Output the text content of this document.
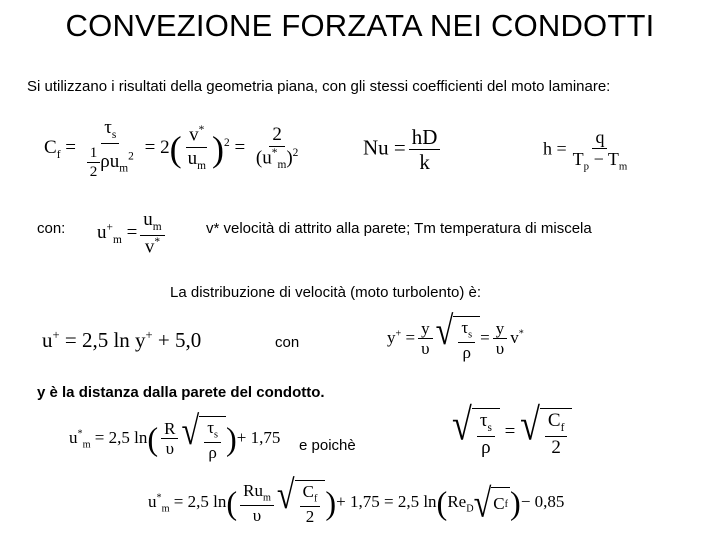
CONVEZIONE FORZATA NEI CONDOTTI
Si utilizzano i risultati della geometria piana, con gli stessi coefficienti del moto laminare:
$C_f = \frac{\tau_s}{\frac{1}{2} \rho u_m^2} = 2( \frac{v^*}{u_m} )^2 = \frac{2}{(u^*_m)^2}$	$Nu = \frac{hD}{k}$	$h = \frac{q}{T_p - T_m}$
con: $u^+_m = \frac{u_m}{v^*}$	v* velocità di attrito alla parete; Tm temperatura di miscela
La distribuzione di velocità (moto turbolento) è:
u+ = 2,5 ln y+ + 5,0	con	$y^+ = \frac{y}{\upsilon}$ √ $\frac{\tau_s}{\rho} = \frac{y}{\upsilon} v^*$
y è la distanza dalla parete del condotto.
$u^*_m = 2,5$ $\ln( \frac{R}{\upsilon}$ √ $\frac{\tau_s}{\rho}$ )+ 1,75 e poichè	√ $\frac{\tau_s}{\rho}$ = √ $\frac{C_f}{2}$
$u^*_m = 2,5$ $\ln( \frac{Ru_m}{\upsilon}$ √ $\frac{C_f}{2}$ )+ 1,75 = 2,5 $\ln(Re_D$ √ C f )− 0,85
